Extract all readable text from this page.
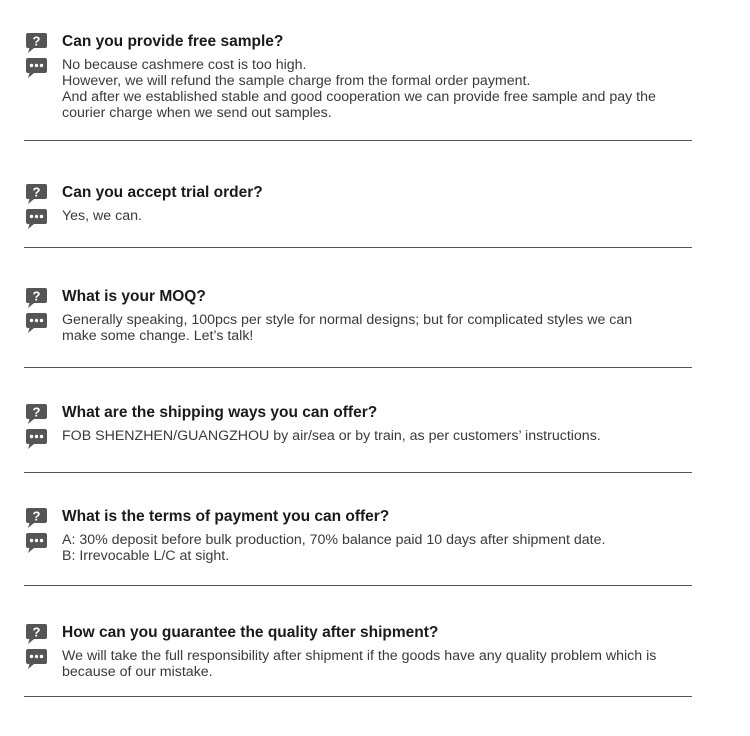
? Can you provide free sample?
No because cashmere cost is too high.
However, we will refund the sample charge from the formal order payment.
And after we established stable and good cooperation we can provide free sample and pay the
courier charge when we send out samples.
? Can you accept trial order?
Yes, we can.
? What is your MOQ?
Generally speaking, 100pcs per style for normal designs; but for complicated styles we can
make some change. Let’s talk!
? What are the shipping ways you can offer?
FOB SHENZHEN/GUANGZHOU by air/sea or by train, as per customers’ instructions.
? What is the terms of payment you can offer?
A: 30% deposit before bulk production, 70% balance paid 10 days after shipment date.
B: Irrevocable L/C at sight.
? How can you guarantee the quality after shipment?
We will take the full responsibility after shipment if the goods have any quality problem which is
because of our mistake.
